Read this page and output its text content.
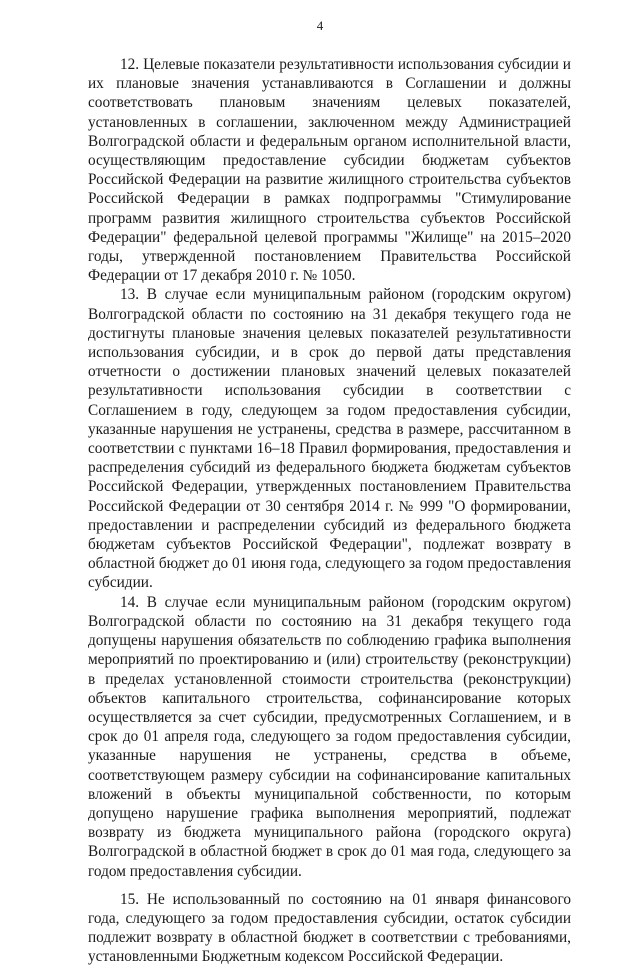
4

12. Целевые показатели результативности использования субсидии и их плановые значения устанавливаются в Соглашении и должны соответствовать плановым значениям целевых показателей, установленных в соглашении, заключенном между Администрацией Волгоградской области и федеральным органом исполнительной власти, осуществляющим предоставление субсидии бюджетам субъектов Российской Федерации на развитие жилищного строительства субъектов Российской Федерации в рамках подпрограммы "Стимулирование программ развития жилищного строительства субъектов Российской Федерации" федеральной целевой программы "Жилище" на 2015–2020 годы, утвержденной постановлением Правительства Российской Федерации от 17 декабря 2010 г. № 1050.

13. В случае если муниципальным районом (городским округом) Волгоградской области по состоянию на 31 декабря текущего года не достигнуты плановые значения целевых показателей результативности использования субсидии, и в срок до первой даты представления отчетности о достижении плановых значений целевых показателей результативности использования субсидии в соответствии с Соглашением в году, следующем за годом предоставления субсидии, указанные нарушения не устранены, средства в размере, рассчитанном в соответствии с пунктами 16–18 Правил формирования, предоставления и распределения субсидий из федерального бюджета бюджетам субъектов Российской Федерации, утвержденных постановлением Правительства Российской Федерации от 30 сентября 2014 г. № 999 "О формировании, предоставлении и распределении субсидий из федерального бюджета бюджетам субъектов Российской Федерации", подлежат возврату в областной бюджет до 01 июня года, следующего за годом предоставления субсидии.

14. В случае если муниципальным районом (городским округом) Волгоградской области по состоянию на 31 декабря текущего года допущены нарушения обязательств по соблюдению графика выполнения мероприятий по проектированию и (или) строительству (реконструкции) в пределах установленной стоимости строительства (реконструкции) объектов капитального строительства, софинансирование которых осуществляется за счет субсидии, предусмотренных Соглашением, и в срок до 01 апреля года, следующего за годом предоставления субсидии, указанные нарушения не устранены, средства в объеме, соответствующем размеру субсидии на софинансирование капитальных вложений в объекты муниципальной собственности, по которым допущено нарушение графика выполнения мероприятий, подлежат возврату из бюджета муниципального района (городского округа) Волгоградской в областной бюджет в срок до 01 мая года, следующего за годом предоставления субсидии.

15. Не использованный по состоянию на 01 января финансового года, следующего за годом предоставления субсидии, остаток субсидии подлежит возврату в областной бюджет в соответствии с требованиями, установленными Бюджетным кодексом Российской Федерации.
